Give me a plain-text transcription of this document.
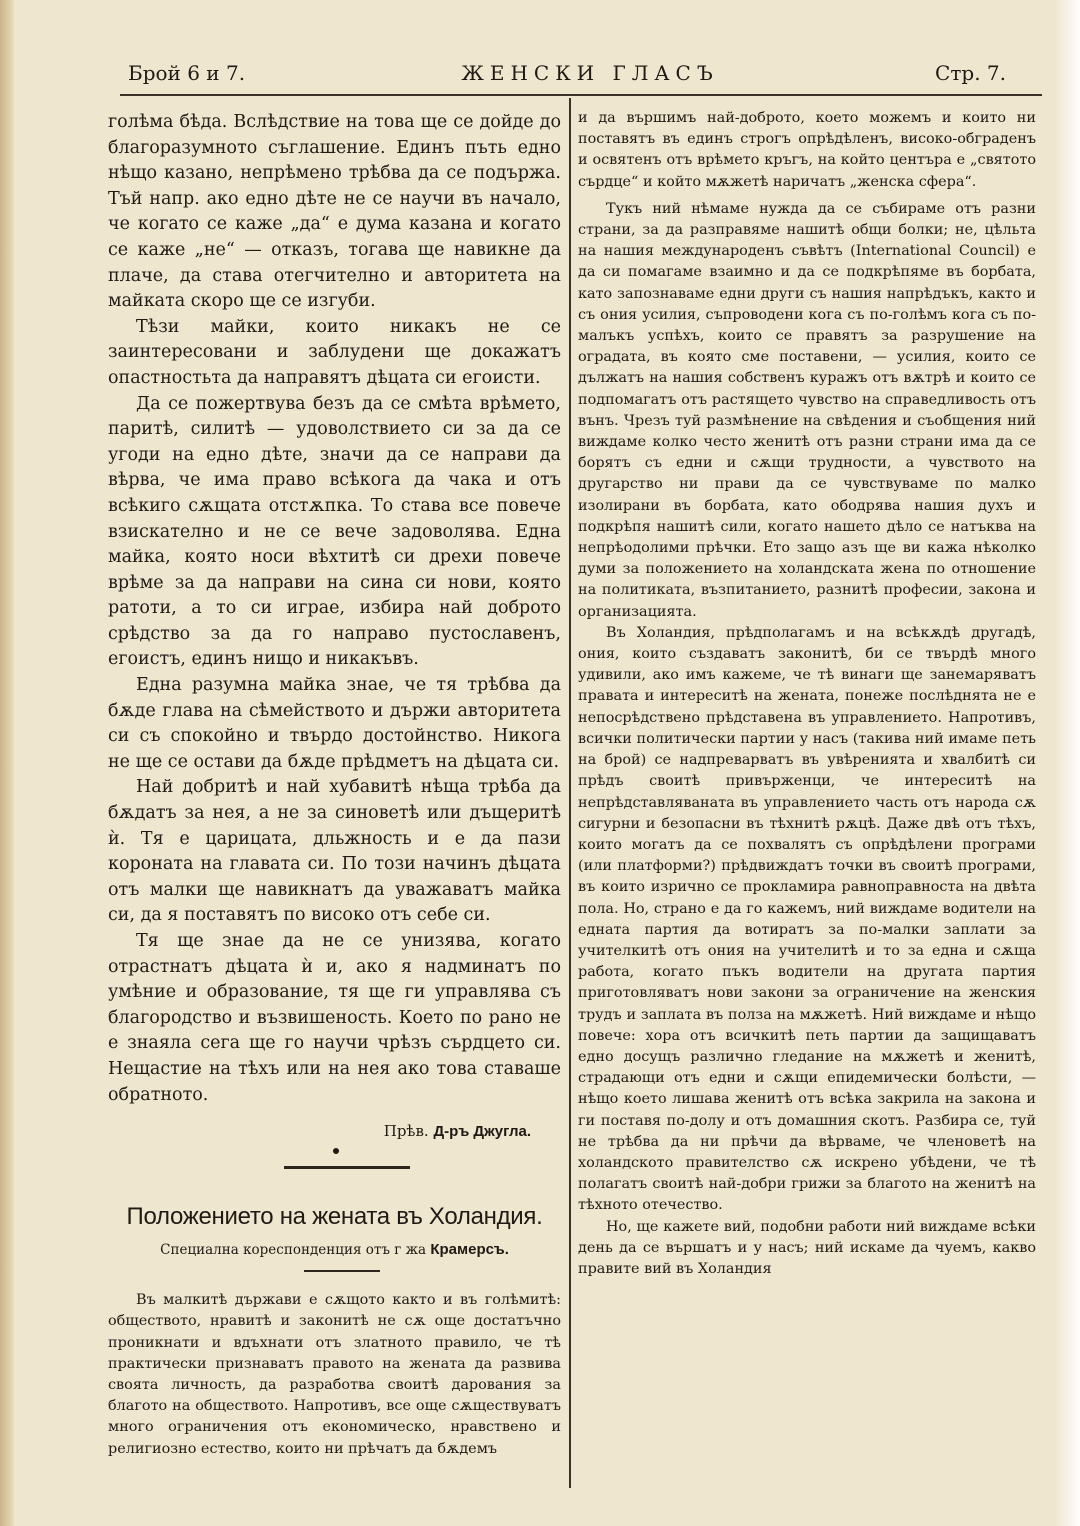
Брой 6 и 7.	ЖЕНСКИ ГЛАСЪ	Стр. 7.

голѣма бѣда. Вслѣдствие на това ще се дойде до благоразумното съглашение. Единъ пъть едно нѣщо казано, непрѣмено трѣбва да се подържа. Тъй напр. ако едно дѣте не се научи въ начало, че когато се каже „да“ е дума казана и когато се каже „не“ — отказъ, тогава ще навикне да плаче, да става отегчително и авторитета на майката скоро ще се изгуби.

Тѣзи майки, които никакъ не се заинтересовани и заблудени ще докажатъ опастностьта да направятъ дѣцата си егоисти.

Да се пожертвува безъ да се смѣта врѣмето, паритѣ, силитѣ — удоволствието си за да се угоди на едно дѣте, значи да се направи да вѣрва, че има право всѣкога да чака и отъ всѣкиго сѫщата отстѫпка. То става все повече взискателно и не се вече задоволява. Една майка, която носи вѣхтитѣ си дрехи повече врѣме за да направи на сина си нови, която ратоти, а то си играе, избира най доброто срѣдство за да го направо пустославенъ, егоистъ, единъ нищо и никакъвъ.

Една разумна майка знае, че тя трѣбва да бѫде глава на сѣмейството и държи авторитета си съ спокойно и твърдо достойнство. Никога не ще се остави да бѫде прѣдметъ на дѣцата си.

Най добритѣ и най хубавитѣ нѣща трѣба да бѫдатъ за нея, а не за синоветѣ или дъщеритѣ ѝ. Тя е царицата, дльжность и е да пази короната на главата си. По този начинъ дѣцата отъ малки ще навикнатъ да уважаватъ майка си, да я поставятъ по високо отъ себе си.

Тя ще знае да не се унизява, когато отрастнатъ дѣцата ѝ и, ако я надминатъ по умѣние и образование, тя ще ги управлява съ благородство и възвишеность. Което по рано не е знаяла сега ще го научи чрѣзъ сърдцето си. Нещастие на тѣхъ или на нея ако това ставаше обратното.

Прѣв. Д-ръ Джугла.
Положението на жената въ Холандия.
Специална кореспонденция отъ г жа Крамерсъ.

Въ малкитѣ държави е сѫщото както и въ голѣмитѣ: обществото, нравитѣ и законитѣ не сѫ още достатъчно проникнати и вдъхнати отъ златното правило, че тѣ практически признаватъ правото на жената да развива своята личность, да разработва своитѣ дарования за благото на обществото. Напротивъ, все още сѫществуватъ много ограничения отъ економическо, нравствено и религиозно естество, които ни прѣчатъ да бѫдемъ

и да вършимъ най-доброто, което можемъ и които ни поставятъ въ единъ строгъ опрѣдѣленъ, високо-обграденъ и освятенъ отъ врѣмето кръгъ, на който центъра е „святото сърдце“ и който мѫжетѣ наричатъ „женска сфера“.

Тукъ ний нѣмаме нужда да се събираме отъ разни страни, за да разправяме нашитѣ общи болки; не, цѣльта на нашия международенъ съвѣтъ (International Council) е да си помагаме взаимно и да се подкрѣпяме въ борбата, като запознаваме едни други съ нашия напрѣдъкъ, както и съ ония усилия, съпроводени кога съ по-голѣмъ кога съ по-малъкъ успѣхъ, които се правятъ за разрушение на оградата, въ която сме поставени, — усилия, които се дължатъ на нашия собственъ куражъ отъ вѫтрѣ и които се подпомагатъ отъ растящето чувство на справедливость отъ вънъ. Чрезъ туй размѣнение на свѣдения и съобщения ний виждаме колко често женитѣ отъ разни страни има да се борятъ съ едни и сѫщи трудности, а чувството на другарство ни прави да се чувствуваме по малко изолирани въ борбата, като ободрява нашия духъ и подкрѣпя нашитѣ сили, когато нашето дѣло се натъква на непрѣодолими прѣчки. Ето защо азъ ще ви кажа нѣколко думи за положението на холандската жена по отношение на политиката, възпитанието, разнитѣ професии, закона и организацията.

Въ Холандия, прѣдполагамъ и на всѣкѫдѣ другадѣ, ония, които създаватъ законитѣ, би се твърдѣ много удивили, ако имъ кажеме, че тѣ винаги ще занемаряватъ правата и интереситѣ на жената, понеже послѣднята не е непосрѣдствено прѣдставена въ управлението. Напротивъ, всички политически партии у насъ (такива ний имаме петь на брой) се надпреварватъ въ увѣренията и хвалбитѣ си прѣдъ своитѣ привърженци, че интереситѣ на непрѣдставляваната въ управлението часть отъ народа сѫ сигурни и безопасни въ тѣхнитѣ рѫцѣ. Даже двѣ отъ тѣхъ, които могатъ да се похвалятъ съ опрѣдѣлени програми (или платформи?) прѣдвиждатъ точки въ своитѣ програми, въ които изрично се прокламира равноправноста на двѣта пола. Но, страно е да го кажемъ, ний виждаме водители на едната партия да вотиратъ за по-малки заплати за учителкитѣ отъ ония на учителитѣ и то за една и сѫща работа, когато пъкъ водители на другата партия приготовляватъ нови закони за ограничение на женския трудъ и заплата въ полза на мѫжетѣ. Ний виждаме и нѣщо повече: хора отъ всичкитѣ петь партии да защищаватъ едно досущъ различно гледание на мѫжетѣ и женитѣ, страдающи отъ едни и сѫщи епидемически болѣсти, — нѣщо което лишава женитѣ отъ всѣка закрила на закона и ги поставя по-долу и отъ домашния скотъ. Разбира се, туй не трѣбва да ни прѣчи да вѣрваме, че членоветѣ на холандското правителство сѫ искрено убѣдени, че тѣ полагатъ своитѣ най-добри грижи за благото на женитѣ на тѣхното отечество.

Но, ще кажете вий, подобни работи ний виждаме всѣки день да се вършатъ и у насъ; ний искаме да чуемъ, какво правите вий въ Холандия
